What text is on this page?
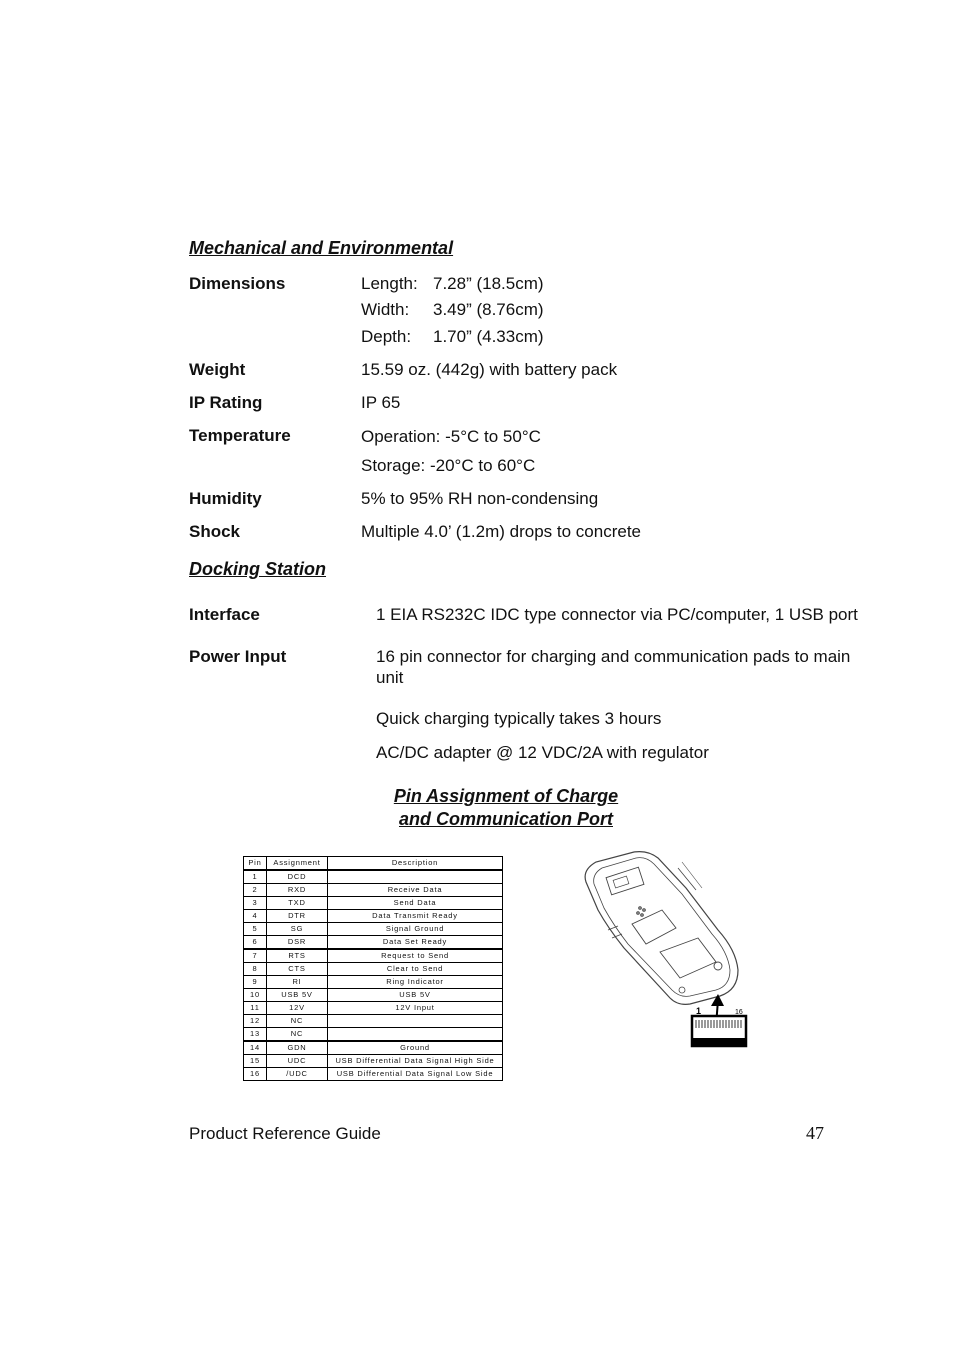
Mechanical and Environmental
Dimensions	Length: 7.28” (18.5cm)
Width: 3.49” (8.76cm)
Depth: 1.70” (4.33cm)
Weight	15.59 oz. (442g) with battery pack
IP Rating	IP 65
Temperature	Operation: -5°C to 50°C
Storage: -20°C to 60°C
Humidity	5% to 95% RH non-condensing
Shock	Multiple 4.0’ (1.2m) drops to concrete
Docking Station
Interface	1 EIA RS232C IDC type connector via PC/computer, 1 USB port
Power Input	16 pin connector for charging and communication pads to main
unit
Quick charging typically takes 3 hours
AC/DC adapter @ 12 VDC/2A with regulator
Pin Assignment of Charge
and Communication Port
Pin	Assignment	Description
1	DCD	
2	RXD	Receive Data
3	TXD	Send Data
4	DTR	Data Transmit Ready
5	SG	Signal Ground
6	DSR	Data Set Ready
7	RTS	Request to Send
8	CTS	Clear to Send
9	RI	Ring Indicator
10	USB 5V	USB 5V
11	12V	12V Input
12	NC	
13	NC	
14	GDN	Ground
15	UDC	USB Differential Data Signal High Side
16	/UDC	USB Differential Data Signal Low Side
1	16
Product Reference Guide	47
